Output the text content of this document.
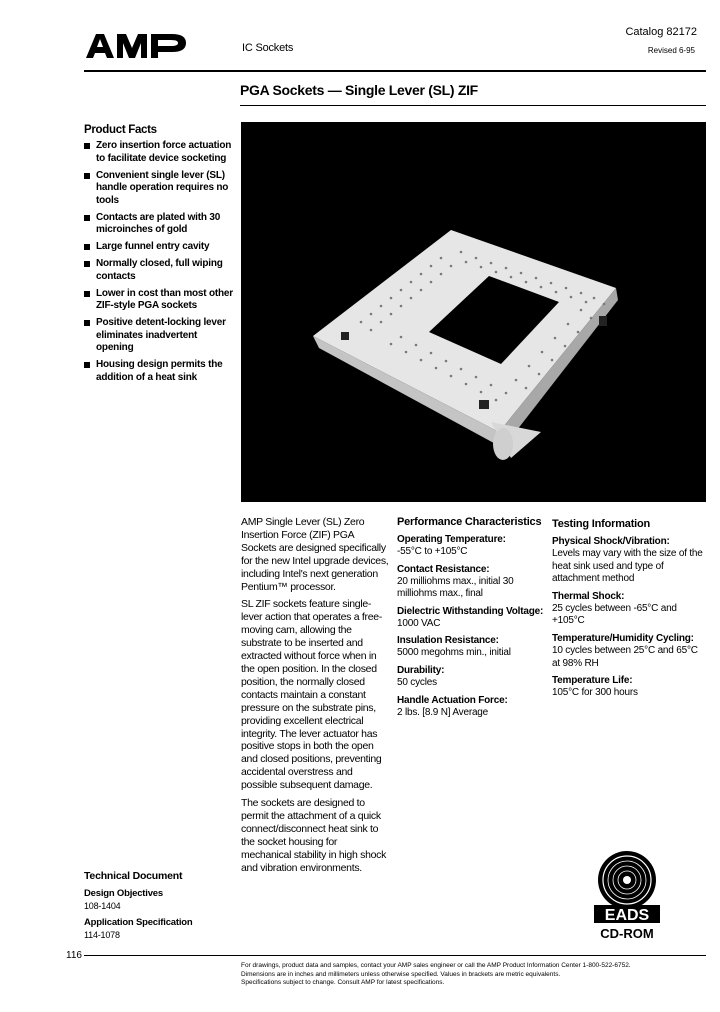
AMP
IC Sockets
Catalog 82172
Revised 6-95
PGA Sockets — Single Lever (SL) ZIF
Product Facts
Zero insertion force actuation to facilitate device socketing
Convenient single lever (SL) handle operation requires no tools
Contacts are plated with 30 microinches of gold
Large funnel entry cavity
Normally closed, full wiping contacts
Lower in cost than most other ZIF-style PGA sockets
Positive detent-locking lever eliminates inadvertent opening
Housing design permits the addition of a heat sink

AMP Single Lever (SL) Zero Insertion Force (ZIF) PGA Sockets are designed specifically for the new Intel upgrade devices, including Intel's next generation Pentium™ processor.

SL ZIF sockets feature single-lever action that operates a free-moving cam, allowing the substrate to be inserted and extracted without force when in the open position. In the closed position, the normally closed contacts maintain a constant pressure on the substrate pins, providing excellent electrical integrity. The lever actuator has positive stops in both the open and closed positions, preventing accidental overstress and possible subsequent damage.

The sockets are designed to permit the attachment of a quick connect/disconnect heat sink to the socket housing for mechanical stability in high shock and vibration environments.

Performance Characteristics
Operating Temperature:
-55°C to +105°C
Contact Resistance:
20 milliohms max., initial 30 milliohms max., final
Dielectric Withstanding Voltage:
1000 VAC
Insulation Resistance:
5000 megohms min., initial
Durability:
50 cycles
Handle Actuation Force:
2 lbs. [8.9 N] Average
Testing Information
Physical Shock/Vibration:
Levels may vary with the size of the heat sink used and type of attachment method
Thermal Shock:
25 cycles between -65°C and +105°C
Temperature/Humidity Cycling:
10 cycles between 25°C and 65°C at 98% RH
Temperature Life:
105°C for 300 hours
Technical Document
Design Objectives
108-1404
Application Specification
114-1078
EADS
CD-ROM
116
For drawings, product data and samples, contact your AMP sales engineer or call the AMP Product Information Center 1-800-522-6752.
Dimensions are in inches and millimeters unless otherwise specified. Values in brackets are metric equivalents.
Specifications subject to change. Consult AMP for latest specifications.
